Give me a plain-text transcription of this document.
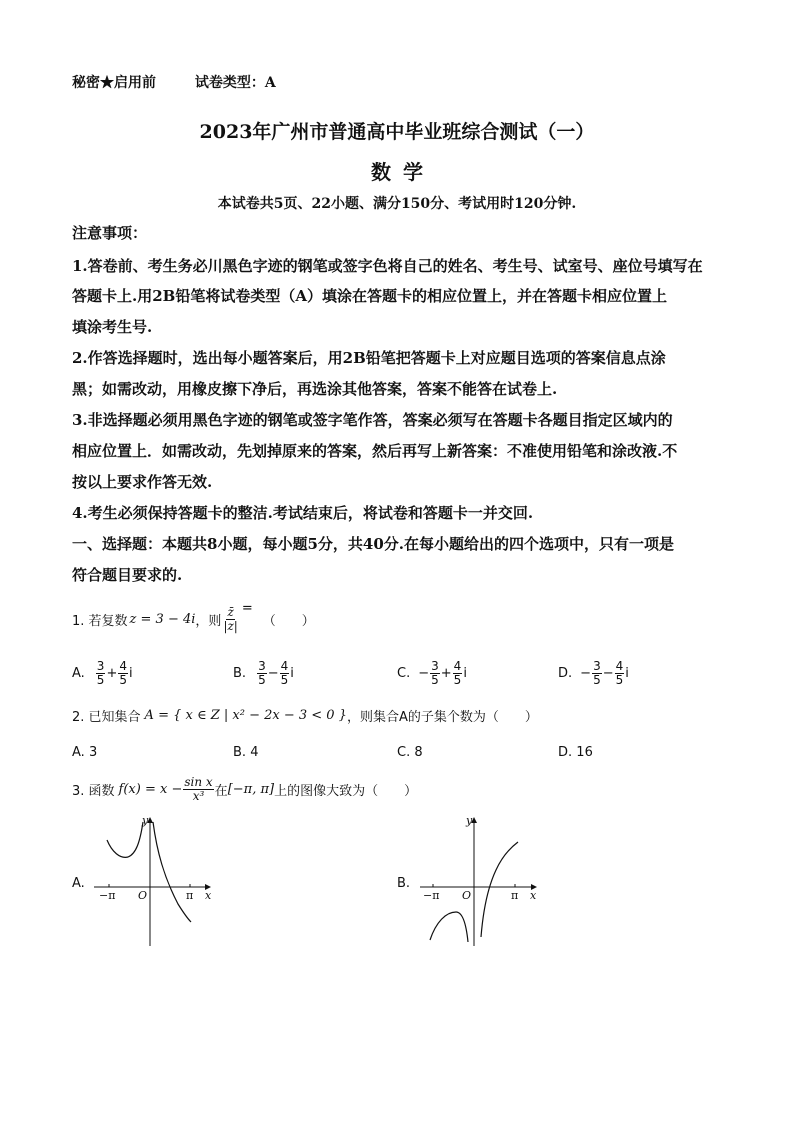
秘密★启用前	试卷类型：A
2023年广州市普通高中毕业班综合测试（一）
数学
本试卷共5页、22小题、满分150分、考试用时120分钟.
注意事项：
1.答卷前、考生务必川黑色字迹的钢笔或签字色将自己的姓名、考生号、试室号、座位号填写在
答题卡上.用2B铅笔将试卷类型（A）填涂在答题卡的相应位置上，并在答题卡相应位置上
填涂考生号.
2.作答选择题时，选出每小题答案后，用2B铅笔把答题卡上对应题目选项的答案信息点涂
黑；如需改动，用橡皮擦下净后，再选涂其他答案，答案不能答在试卷上.
3.非选择题必须用黑色字迹的钢笔或签字笔作答，答案必须写在答题卡各题目指定区域内的
相应位置上．如需改动，先划掉原来的答案，然后再写上新答案：不准使用铅笔和涂改液.不
按以上要求作答无效.
4.考生必须保持答题卡的整洁.考试结束后，将试卷和答题卡一并交回.
一、选择题：本题共8小题，每小题5分，共40分.在每小题给出的四个选项中，只有一项是
符合题目要求的.
1. 若复数 z = 3 − 4i ，则 $\frac{z̄}{|z|}$ =
（　　）
A. $\frac{3}{5} + \frac{4}{5}$ i	B. $\frac{3}{5} - \frac{4}{5}$ i	C. − $\frac{3}{5} + \frac{4}{5}$ i	D. − $\frac{3}{5} - \frac{4}{5}$ i
2. 已知集合 A = { x ∈ Z | x² − 2x − 3 < 0 } ，则集合A的子集个数为（　　）
A. 3	B. 4	C. 8	D. 16
3. 函数 $f(x) = x - \frac{\text{sin x}}{\text{x³}}$ 在 [−π, π] 上的图像大致为（　　）
A.
y
x
O
−π	π
B.
y
x
O
−π	π
